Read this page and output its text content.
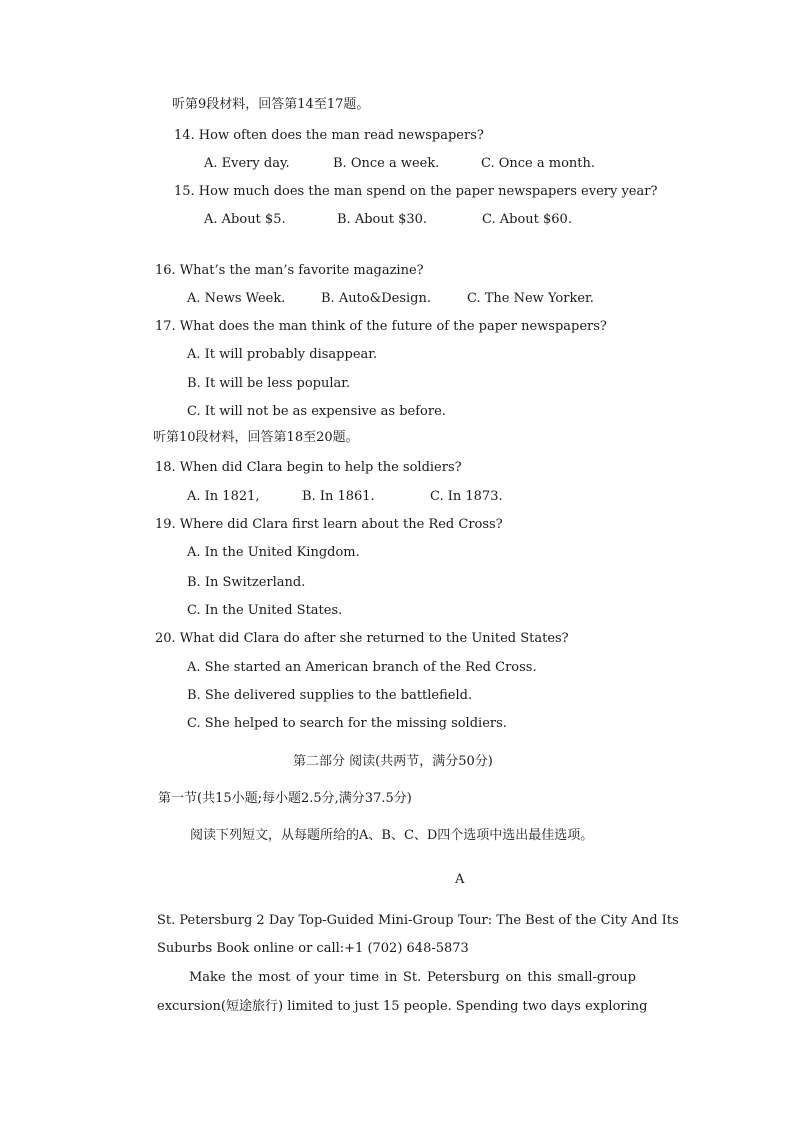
听第9段材料，回答第14至17题。
14. How often does the man read newspapers?
A. Every day.	B. Once a week.	C. Once a month.
15. How much does the man spend on the paper newspapers every year?
A. About $5.	B. About $30.	C. About $60.
16. What’s the man’s favorite magazine?
A. News Week.	B. Auto&Design.	C. The New Yorker.
17. What does the man think of the future of the paper newspapers?
A. It will probably disappear.
B. It will be less popular.
C. It will not be as expensive as before.
听第10段材料，回答第18至20题。
18. When did Clara begin to help the soldiers?
A. In 1821,	B. In 1861.	C. In 1873.
19. Where did Clara first learn about the Red Cross?
A. In the United Kingdom.
B. In Switzerland.
C. In the United States.
20. What did Clara do after she returned to the United States?
A. She started an American branch of the Red Cross.
B. She delivered supplies to the battlefield.
C. She helped to search for the missing soldiers.
第二部分 阅读(共两节，满分50分)
第一节(共15小题;每小题2.5分,满分37.5分)
阅读下列短文，从每题所给的A、B、C、D四个选项中选出最佳选项。
A
St. Petersburg 2 Day Top-Guided Mini-Group Tour: The Best of the City And Its
Suburbs Book online or call:+1 (702) 648-5873
Make the most of your time in St. Petersburg on this small-group
excursion(短途旅行) limited to just 15 people. Spending two days exploring
